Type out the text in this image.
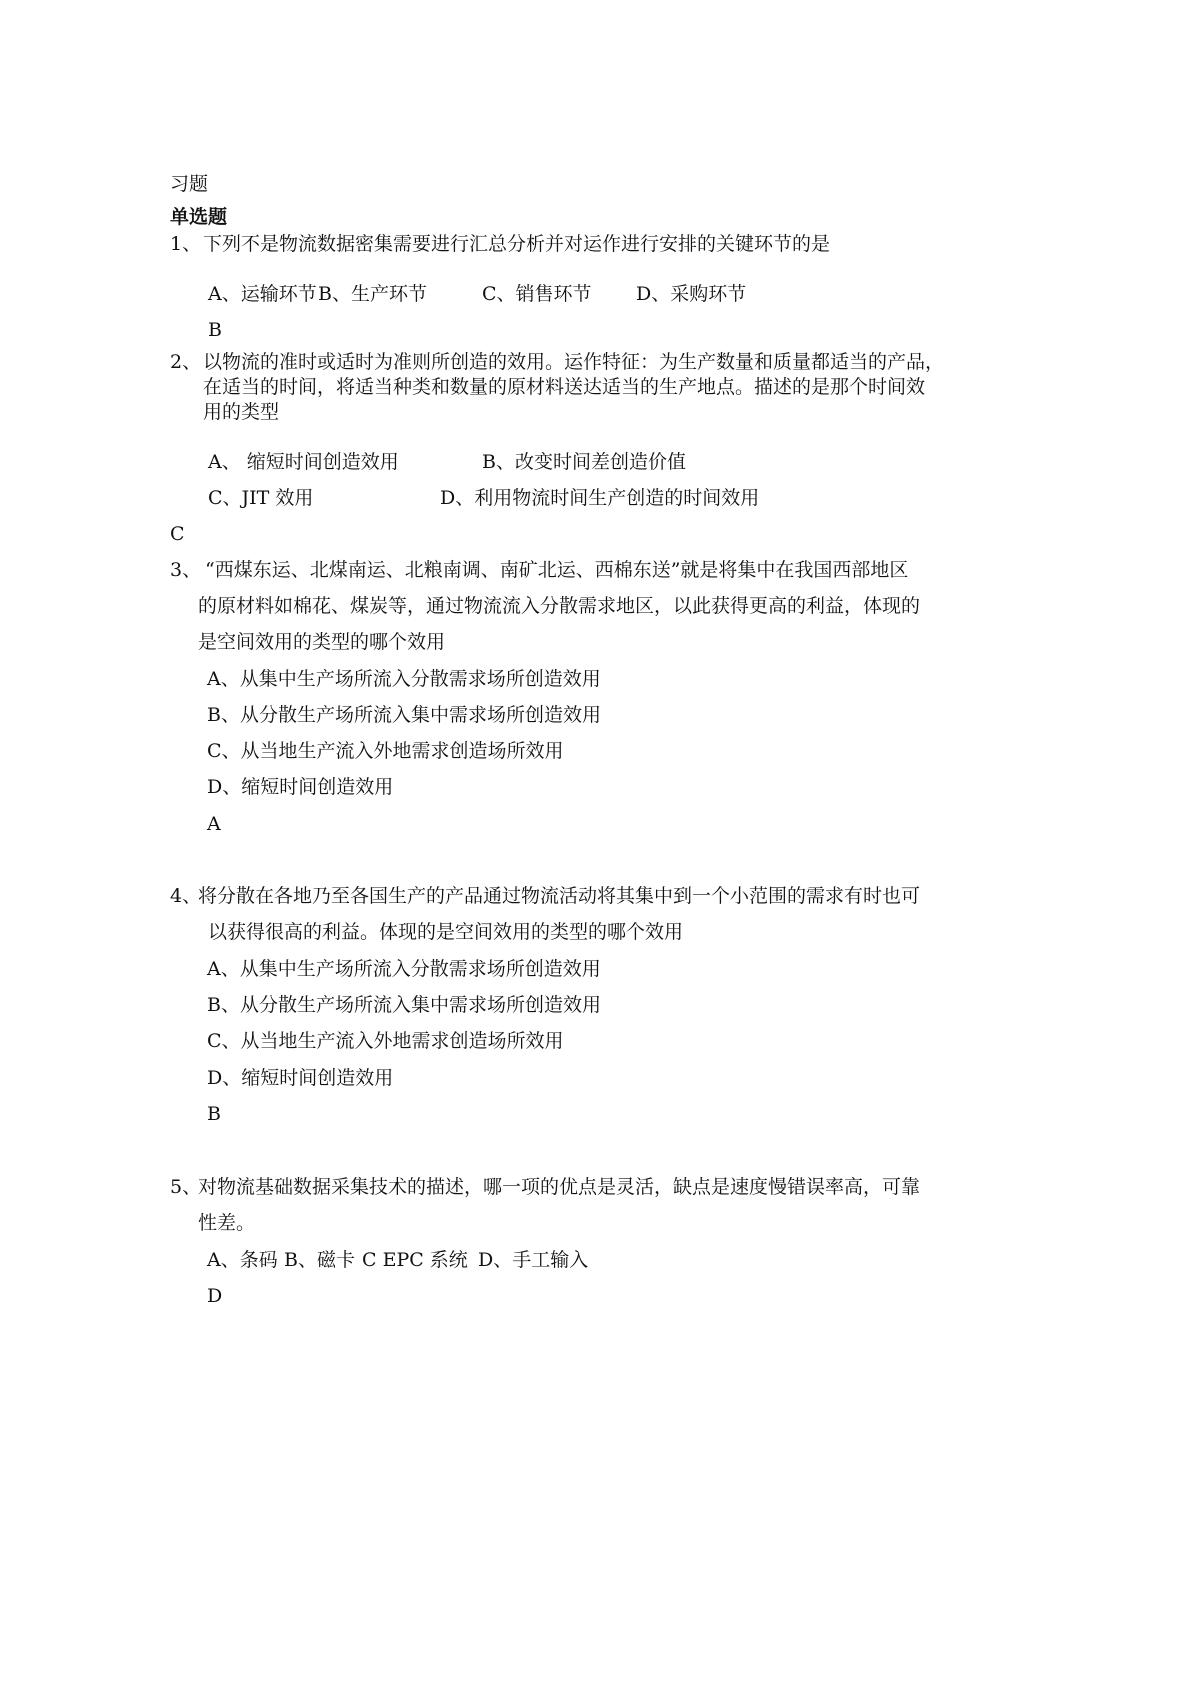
习题
单选题
1、 下列不是物流数据密集需要进行汇总分析并对运作进行安排的关键环节的是
A、运输环节 B、生产环节	C、销售环节 D、采购环节
B
2、 以物流的准时或适时为准则所创造的效用。运作特征：为生产数量和质量都适当的产品，
在适当的时间，将适当种类和数量的原材料送达适当的生产地点。描述的是那个时间效
用的类型
A、 缩短时间创造效用	B、改变时间差创造价值
C、JIT 效用	D、利用物流时间生产创造的时间效用
C
3、 “西煤东运、北煤南运、北粮南调、南矿北运、西棉东送”就是将集中在我国西部地区
的原材料如棉花、煤炭等，通过物流流入分散需求地区，以此获得更高的利益，体现的
是空间效用的类型的哪个效用
A、从集中生产场所流入分散需求场所创造效用
B、从分散生产场所流入集中需求场所创造效用
C、从当地生产流入外地需求创造场所效用
D、缩短时间创造效用
A
4、
将分散在各地乃至各国生产的产品通过物流活动将其集中到一个小范围的需求有时也可
以获得很高的利益。体现的是空间效用的类型的哪个效用
A、从集中生产场所流入分散需求场所创造效用
B、从分散生产场所流入集中需求场所创造效用
C、从当地生产流入外地需求创造场所效用
D、缩短时间创造效用
B
5、
对物流基础数据采集技术的描述，哪一项的优点是灵活，缺点是速度慢错误率高，可靠
性差。
A、条码 B、磁卡 C EPC 系统 D、手工输入
D
